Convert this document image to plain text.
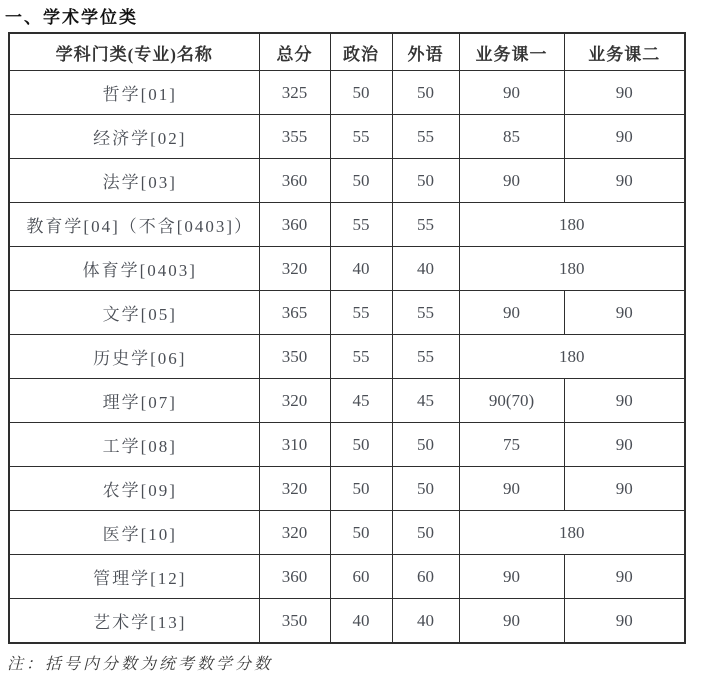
一、学术学位类
学科门类(专业)名称	总分	政治	外语	业务课一	业务课二
哲学[01]	325	50	50	90	90
经济学[02]	355	55	55	85	90
法学[03]	360	50	50	90	90
教育学[04]（不含[0403]）	360	55	55	180	
体育学[0403]	320	40	40	180	
文学[05]	365	55	55	90	90
历史学[06]	350	55	55	180	
理学[07]	320	45	45	90(70)	90
工学[08]	310	50	50	75	90
农学[09]	320	50	50	90	90
医学[10]	320	50	50	180	
管理学[12]	360	60	60	90	90
艺术学[13]	350	40	40	90	90
注：括号内分数为统考数学分数
